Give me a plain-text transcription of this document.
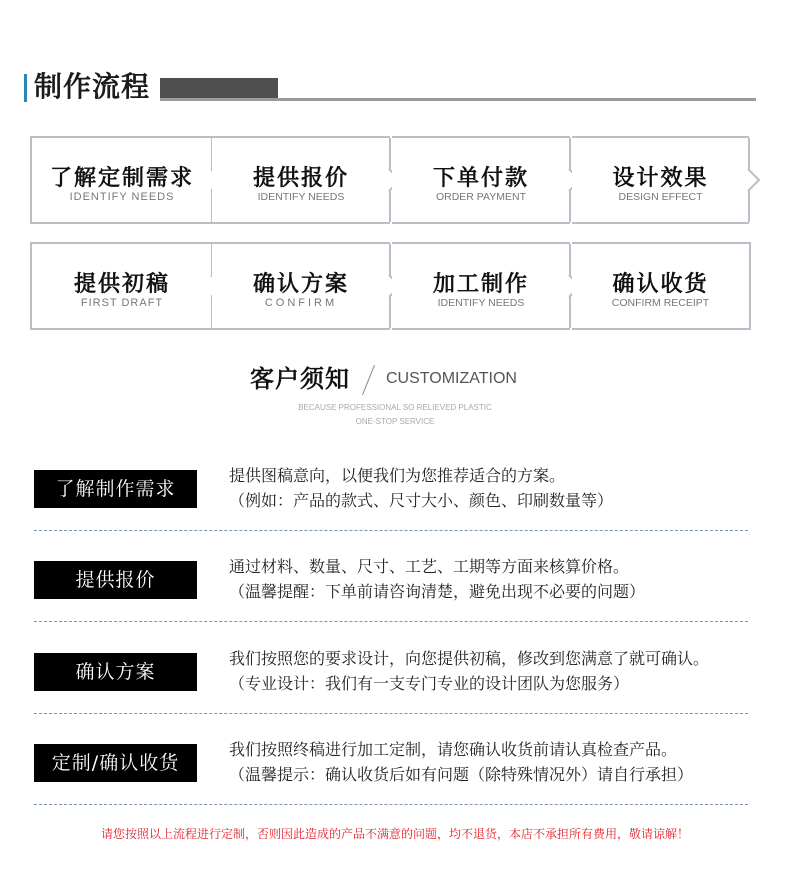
制作流程
了解定制需求
IDENTIFY NEEDS
提供报价
IDENTIFY NEEDS
下单付款
ORDER PAYMENT
设计效果
DESIGN EFFECT
提供初稿
FIRST DRAFT
确认方案
CONFIRM
加工制作
IDENTIFY NEEDS
确认收货
CONFIRM RECEIPT
客户须知 CUSTOMIZATION
BECAUSE PROFESSIONAL SO RELIEVED PLASTIC
ONE-STOP SERVICE
了解制作需求
提供图稿意向，以便我们为您推荐适合的方案。
（例如：产品的款式、尺寸大小、颜色、印刷数量等）
提供报价
通过材料、数量、尺寸、工艺、工期等方面来核算价格。
（温馨提醒：下单前请咨询清楚，避免出现不必要的问题）
确认方案
我们按照您的要求设计，向您提供初稿，修改到您满意了就可确认。
（专业设计：我们有一支专门专业的设计团队为您服务）
定制/确认收货
我们按照终稿进行加工定制，请您确认收货前请认真检查产品。
（温馨提示：确认收货后如有问题（除特殊情况外）请自行承担）
请您按照以上流程进行定制，否则因此造成的产品不满意的问题，均不退货，本店不承担所有费用，敬请谅解！
